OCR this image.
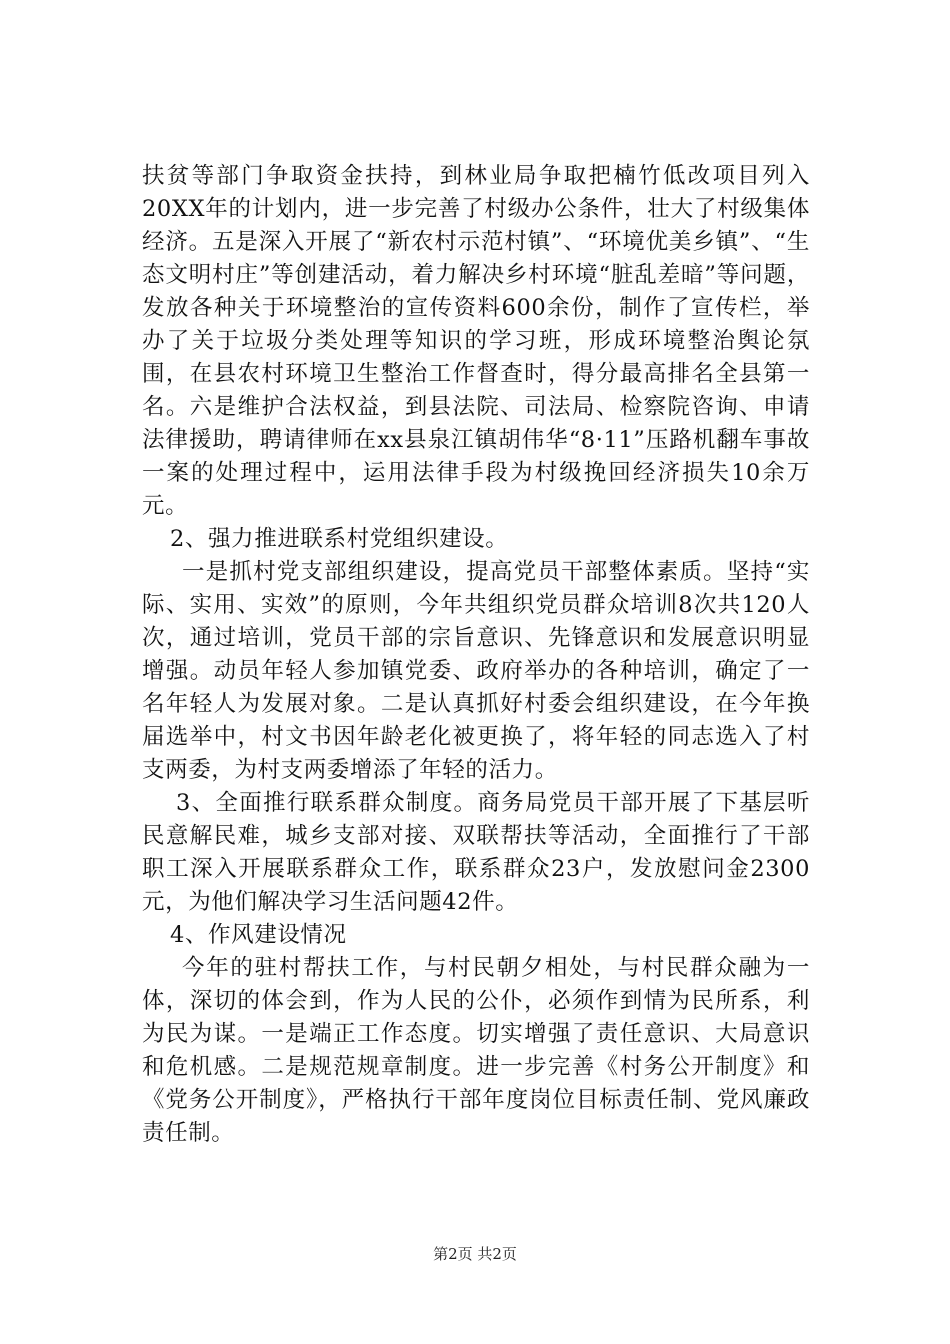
扶贫等部门争取资金扶持，到林业局争取把楠竹低改项目列入20XX年的计划内，进一步完善了村级办公条件，壮大了村级集体经济。五是深入开展了“新农村示范村镇”、“环境优美乡镇”、“生态文明村庄”等创建活动，着力解决乡村环境“脏乱差暗”等问题，发放各种关于环境整治的宣传资料600余份，制作了宣传栏，举办了关于垃圾分类处理等知识的学习班，形成环境整治舆论氛围，在县农村环境卫生整治工作督查时，得分最高排名全县第一名。六是维护合法权益，到县法院、司法局、检察院咨询、申请法律援助，聘请律师在xx县泉江镇胡伟华“8·11”压路机翻车事故一案的处理过程中，运用法律手段为村级挽回经济损失10余万元。

2、强力推进联系村党组织建设。

一是抓村党支部组织建设，提高党员干部整体素质。坚持“实际、实用、实效”的原则，今年共组织党员群众培训8次共120人次，通过培训，党员干部的宗旨意识、先锋意识和发展意识明显增强。动员年轻人参加镇党委、政府举办的各种培训，确定了一名年轻人为发展对象。二是认真抓好村委会组织建设，在今年换届选举中，村文书因年龄老化被更换了，将年轻的同志选入了村支两委，为村支两委增添了年轻的活力。

3、全面推行联系群众制度。商务局党员干部开展了下基层听民意解民难，城乡支部对接、双联帮扶等活动，全面推行了干部职工深入开展联系群众工作，联系群众23户，发放慰问金2300元，为他们解决学习生活问题42件。

4、作风建设情况

今年的驻村帮扶工作，与村民朝夕相处，与村民群众融为一体，深切的体会到，作为人民的公仆，必须作到情为民所系，利为民为谋。一是端正工作态度。切实增强了责任意识、大局意识和危机感。二是规范规章制度。进一步完善《村务公开制度》和《党务公开制度》，严格执行干部年度岗位目标责任制、党风廉政责任制。

第2页 共2页
